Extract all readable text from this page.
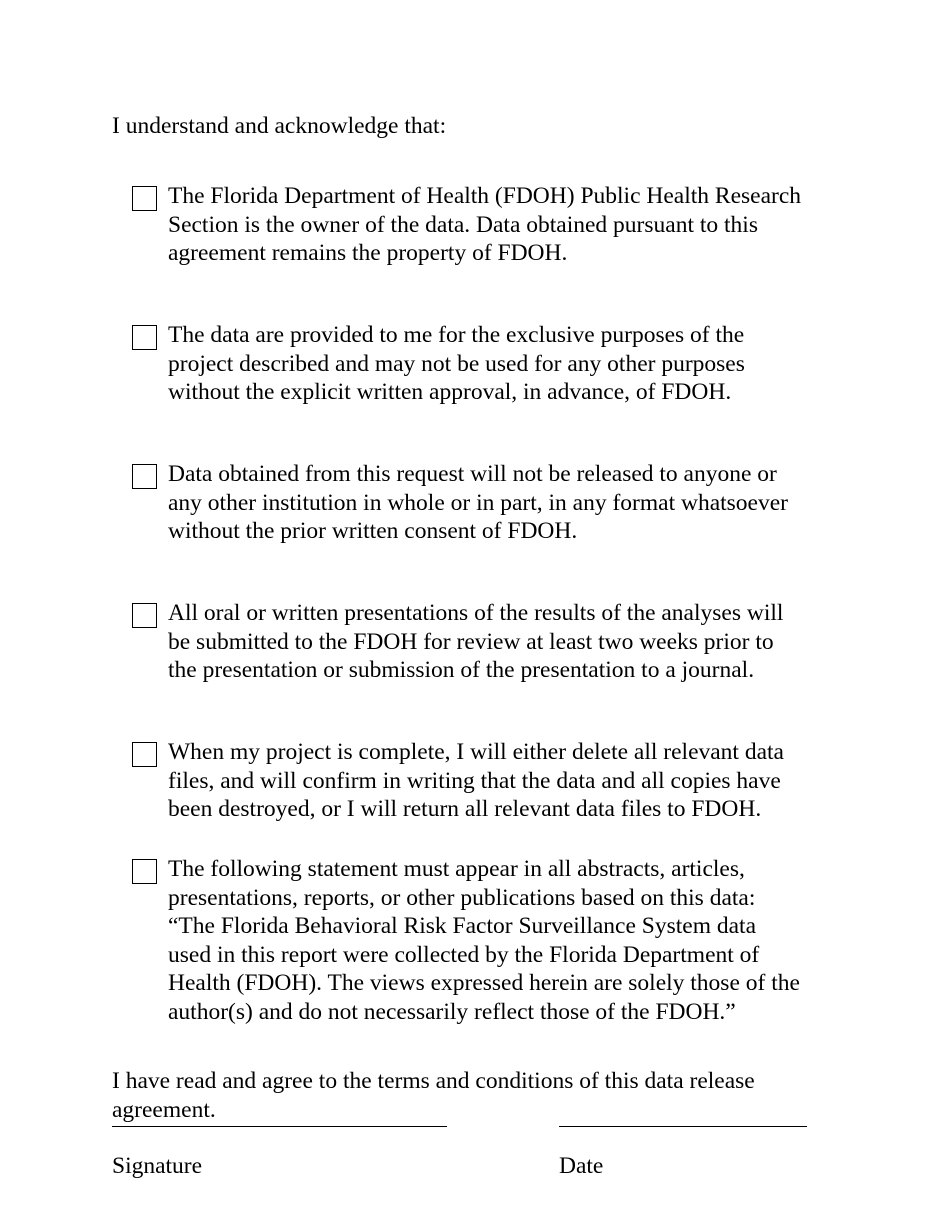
I understand and acknowledge that:

The Florida Department of Health (FDOH) Public Health Research
Section is the owner of the data. Data obtained pursuant to this
agreement remains the property of FDOH.

The data are provided to me for the exclusive purposes of the
project described and may not be used for any other purposes
without the explicit written approval, in advance, of FDOH.

Data obtained from this request will not be released to anyone or
any other institution in whole or in part, in any format whatsoever
without the prior written consent of FDOH.

All oral or written presentations of the results of the analyses will
be submitted to the FDOH for review at least two weeks prior to
the presentation or submission of the presentation to a journal.

When my project is complete, I will either delete all relevant data
files, and will confirm in writing that the data and all copies have
been destroyed, or I will return all relevant data files to FDOH.

The following statement must appear in all abstracts, articles,
presentations, reports, or other publications based on this data:
“The Florida Behavioral Risk Factor Surveillance System data
used in this report were collected by the Florida Department of
Health (FDOH). The views expressed herein are solely those of the
author(s) and do not necessarily reflect those of the FDOH.”

I have read and agree to the terms and conditions of this data release
agreement.

Signature	Date
